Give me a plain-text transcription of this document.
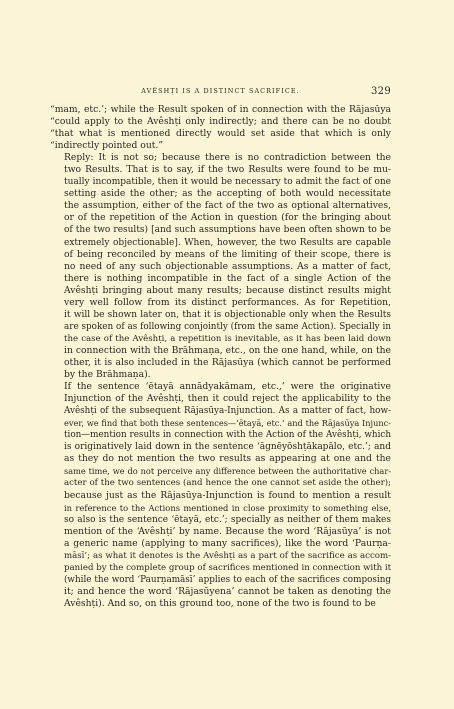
AVÊSHṬI IS A DISTINCT SACRIFICE.	329

“mam, etc.’; while the Result spoken of in connection with the Rājasūya
“could apply to the Avêshṭi only indirectly; and there can be no doubt
“that what is mentioned directly would set aside that which is only
“indirectly pointed out.”

Reply: It is not so; because there is no contradiction between the
two Results. That is to say, if the two Results were found to be mu-
tually incompatible, then it would be necessary to admit the fact of one
setting aside the other; as the accepting of both would necessitate
the assumption, either of the fact of the two as optional alternatives,
or of the repetition of the Action in question (for the bringing about
of the two results) [and such assumptions have been often shown to be
extremely objectionable]. When, however, the two Results are capable
of being reconciled by means of the limiting of their scope, there is
no need of any such objectionable assumptions. As a matter of fact,
there is nothing incompatible in the fact of a single Action of the
Avêshṭi bringing about many results; because distinct results might
very well follow from its distinct performances. As for Repetition,
it will be shown later on, that it is objectionable only when the Results
are spoken of as following conjointly (from the same Action). Specially in
the case of the Avêshṭi, a repetition is inevitable, as it has been laid down
in connection with the Brāhmaṇa, etc., on the one hand, while, on the
other, it is also included in the Rājasūya (which cannot be performed
by the Brāhmaṇa).

If the sentence ‘ētayā annādyakāmam, etc.,’ were the originative
Injunction of the Avêshṭi, then it could reject the applicability to the
Avêshṭi of the subsequent Rājasūya-Injunction. As a matter of fact, how-
ever, we find that both these sentences—‘ētayā, etc.’ and the Rājasūya Injunc-
tion—mention results in connection with the Action of the Avêshṭi, which
is originatively laid down in the sentence ‘āgnēyōshṭākapālo, etc.’; and
as they do not mention the two results as appearing at one and the
same time, we do not perceive any difference between the authoritative char-
acter of the two sentences (and hence the one cannot set aside the other);
because just as the Rājasūya-Injunction is found to mention a result
in reference to the Actions mentioned in close proximity to something else,
so also is the sentence ‘ētayā, etc.’; specially as neither of them makes
mention of the ‘Avêshṭi’ by name. Because the word ‘Rājasūya’ is not
a generic name (applying to many sacrifices), like the word ‘Paurṇa-
māsī’; as what it denotes is the Avêshṭi as a part of the sacrifice as accom-
panied by the complete group of sacrifices mentioned in connection with it
(while the word ‘Paurṇamāsī’ applies to each of the sacrifices composing
it; and hence the word ‘Rājasūyena’ cannot be taken as denoting the
Avêshṭi). And so, on this ground too, none of the two is found to be
